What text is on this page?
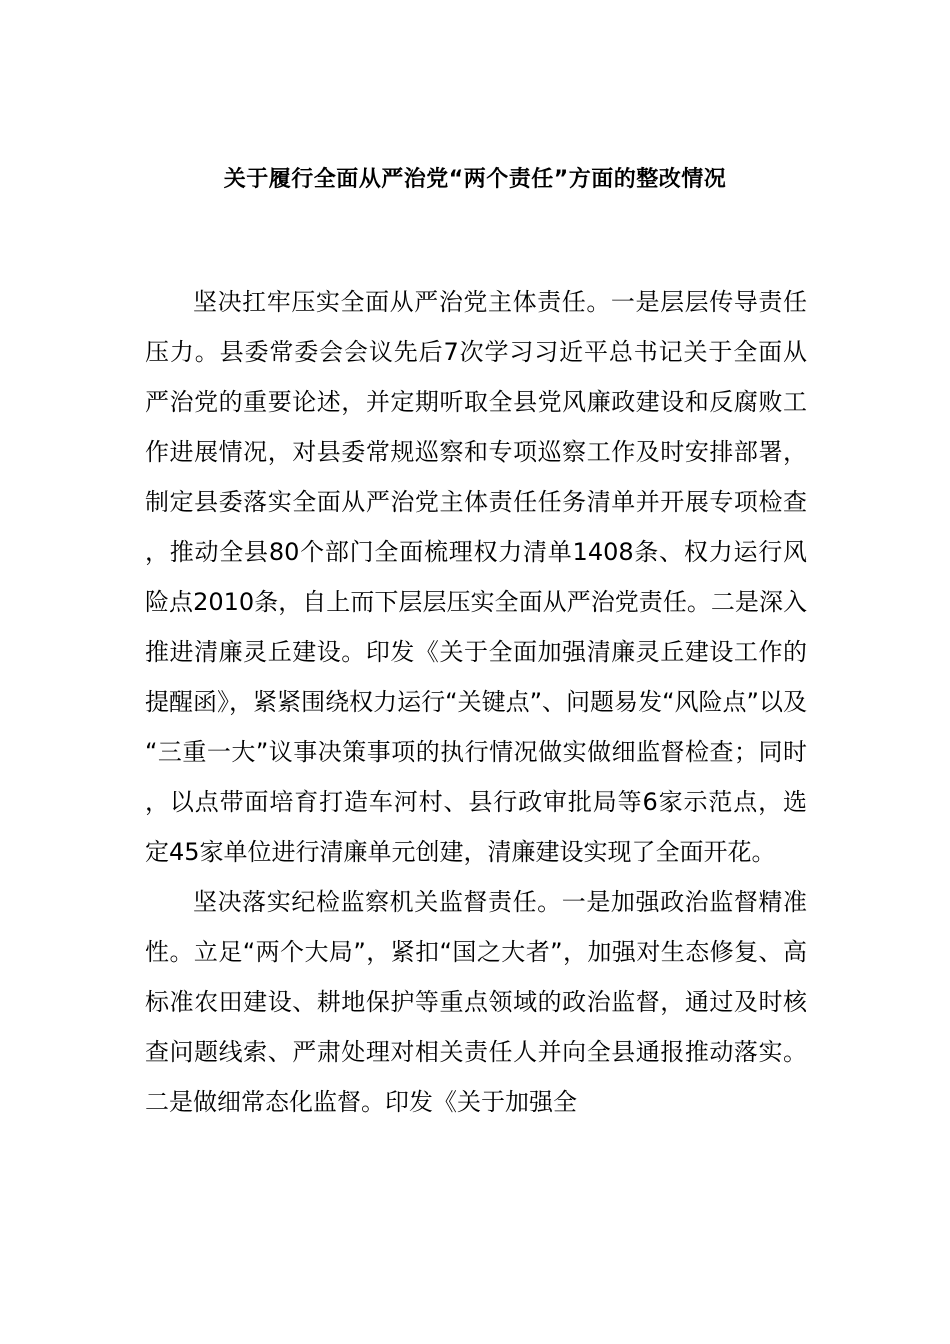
关于履行全面从严治党“两个责任”方面的整改情况

坚决扛牢压实全面从严治党主体责任。一是层层传导责任压力。县委常委会会议先后7次学习习近平总书记关于全面从严治党的重要论述，并定期听取全县党风廉政建设和反腐败工作进展情况，对县委常规巡察和专项巡察工作及时安排部署，制定县委落实全面从严治党主体责任任务清单并开展专项检查，推动全县80个部门全面梳理权力清单1408条、权力运行风险点2010条，自上而下层层压实全面从严治党责任。二是深入推进清廉灵丘建设。印发《关于全面加强清廉灵丘建设工作的提醒函》，紧紧围绕权力运行“关键点”、问题易发“风险点”以及“三重一大”议事决策事项的执行情况做实做细监督检查；同时，以点带面培育打造车河村、县行政审批局等6家示范点，选定45家单位进行清廉单元创建，清廉建设实现了全面开花。

坚决落实纪检监察机关监督责任。一是加强政治监督精准性。立足“两个大局”，紧扣“国之大者”，加强对生态修复、高标准农田建设、耕地保护等重点领域的政治监督，通过及时核查问题线索、严肃处理对相关责任人并向全县通报推动落实。二是做细常态化监督。印发《关于加强全
